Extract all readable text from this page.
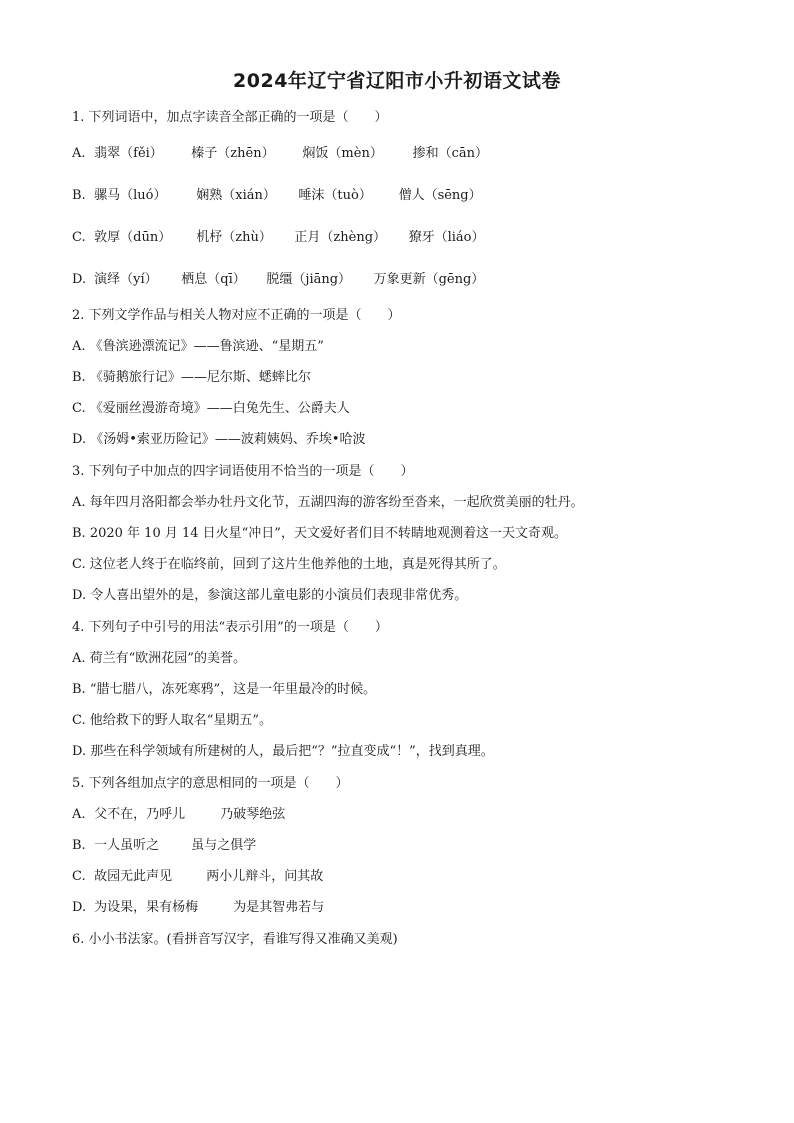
2024年辽宁省辽阳市小升初语文试卷
1. 下列词语中，加点字读音全部正确的一项是（　　）
A. 翡翠（fěi） 榛子（zhēn） 焖饭（mèn） 掺和（cān）
B. 骡马（luó） 娴熟（xián） 唾沫（tuò） 僧人（sēng）
C. 敦厚（dūn） 机杼（zhù） 正月（zhèng） 獠牙（liáo）
D. 演绎（yí） 栖息（qī） 脱缰（jiāng） 万象更新（gēng）
2. 下列文学作品与相关人物对应不正确的一项是（　　）
A. 《鲁滨逊漂流记》——鲁滨逊、“星期五”
B. 《骑鹅旅行记》——尼尔斯、蟋蟀比尔
C. 《爱丽丝漫游奇境》——白兔先生、公爵夫人
D. 《汤姆•索亚历险记》——波莉姨妈、乔埃•哈波
3. 下列句子中加点的四字词语使用不恰当的一项是（　　）
A. 每年四月洛阳都会举办牡丹文化节，五湖四海的游客纷至沓来，一起欣赏美丽的牡丹。
B. 2020 年 10 月 14 日火星“冲日”，天文爱好者们目不转睛地观测着这一天文奇观。
C. 这位老人终于在临终前，回到了这片生他养他的土地，真是死得其所了。
D. 令人喜出望外的是，参演这部儿童电影的小演员们表现非常优秀。
4. 下列句子中引号的用法“表示引用”的一项是（　　）
A. 荷兰有“欧洲花园”的美誉。
B. “腊七腊八，冻死寒鸦”，这是一年里最冷的时候。
C. 他给救下的野人取名“星期五”。
D. 那些在科学领域有所建树的人，最后把“？”拉直变成“！”，找到真理。
5. 下列各组加点字的意思相同的一项是（　　）
A. 父不在，乃呼儿	乃破琴绝弦
B. 一人虽听之 虽与之俱学
C. 故园无此声见	两小儿辩斗，问其故
D. 为设果，果有杨梅	为是其智弗若与
6. 小小书法家。(看拼音写汉字，看谁写得又准确又美观)
